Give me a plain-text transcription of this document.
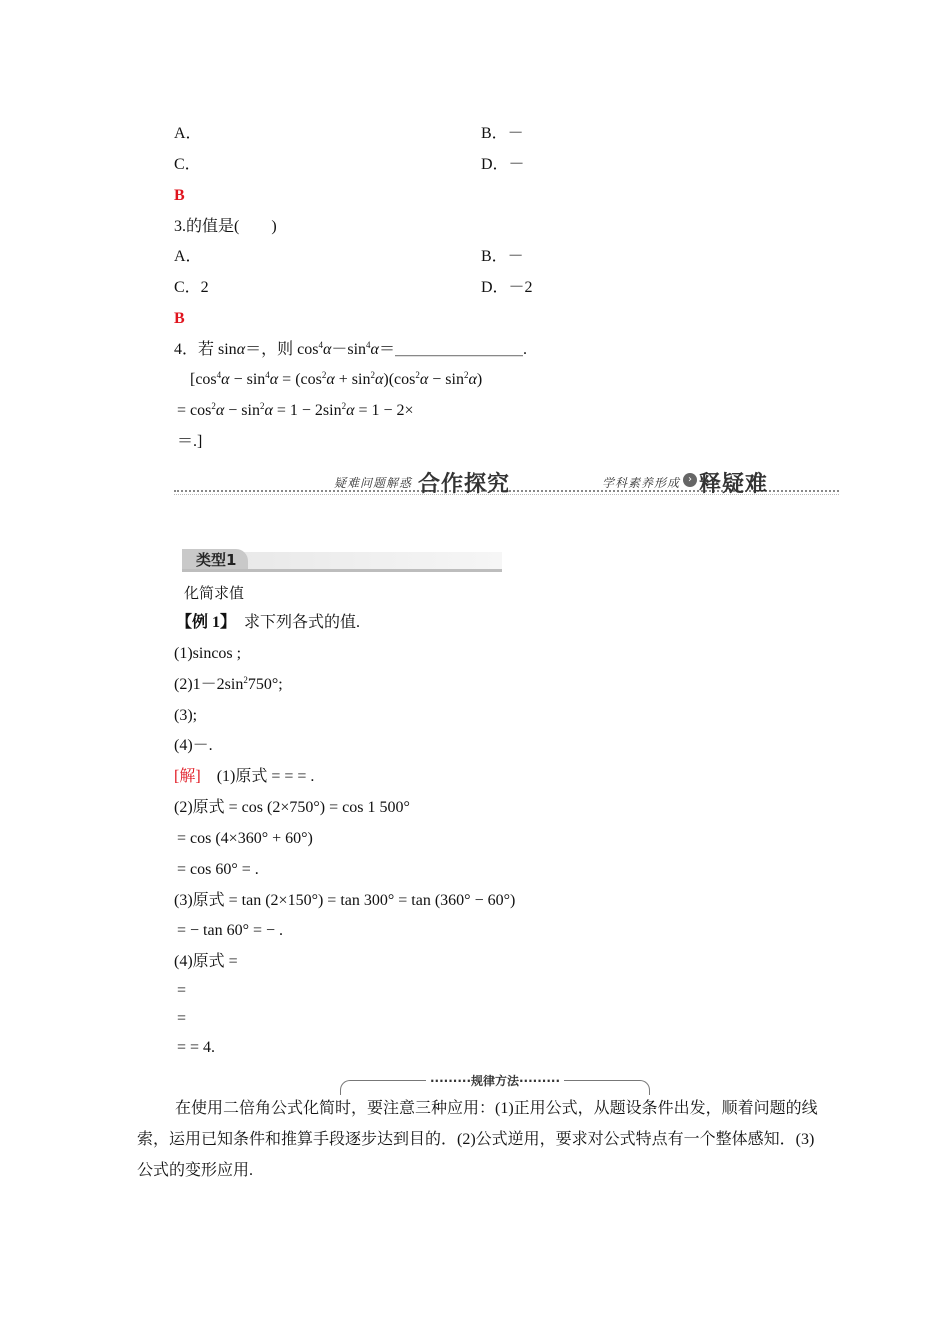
A．	B．－
C．	D．－
B
3.的值是(　　)
A．	B．－
C．2	D．－2
B
4．若 sinα＝，则 $\cos^4\alpha-\sin^4\alpha=\_\_\_\_\_\_\_\_$.
[$\cos^4\alpha - \sin^4\alpha = (\cos^2\alpha + \sin^2\alpha)(\cos^2\alpha - \sin^2\alpha)$
= $\cos^2\alpha - \sin^2\alpha = 1 - 2\sin^2\alpha = 1 - 2\times$
＝.]
疑难问题解惑 合作探究	› 释疑难
学科素养形成
类型1
化简求值
【例 1】　 求下列各式的值.
(1)sincos ;
$(2)1-2\sin^2750^\circ$;
(3);
(4)－.
[解]　 (1)原式 = = = .
(2)原式 = cos (2×750°) = cos 1 500°
= cos (4×360° + 60°)
= cos 60° = .
(3)原式 = tan (2×150°) = tan 300° = tan (360° − 60°)
= − tan 60° = − .
(4)原式 =
=
=
= = 4.
·········规律方法·········
在使用二倍角公式化简时，要注意三种应用：(1)正用公式，从题设条件出发，顺着问题的线索，运用已知条件和推算手段逐步达到目的．(2)公式逆用，要求对公式特点有一个整体感知．(3)公式的变形应用.
